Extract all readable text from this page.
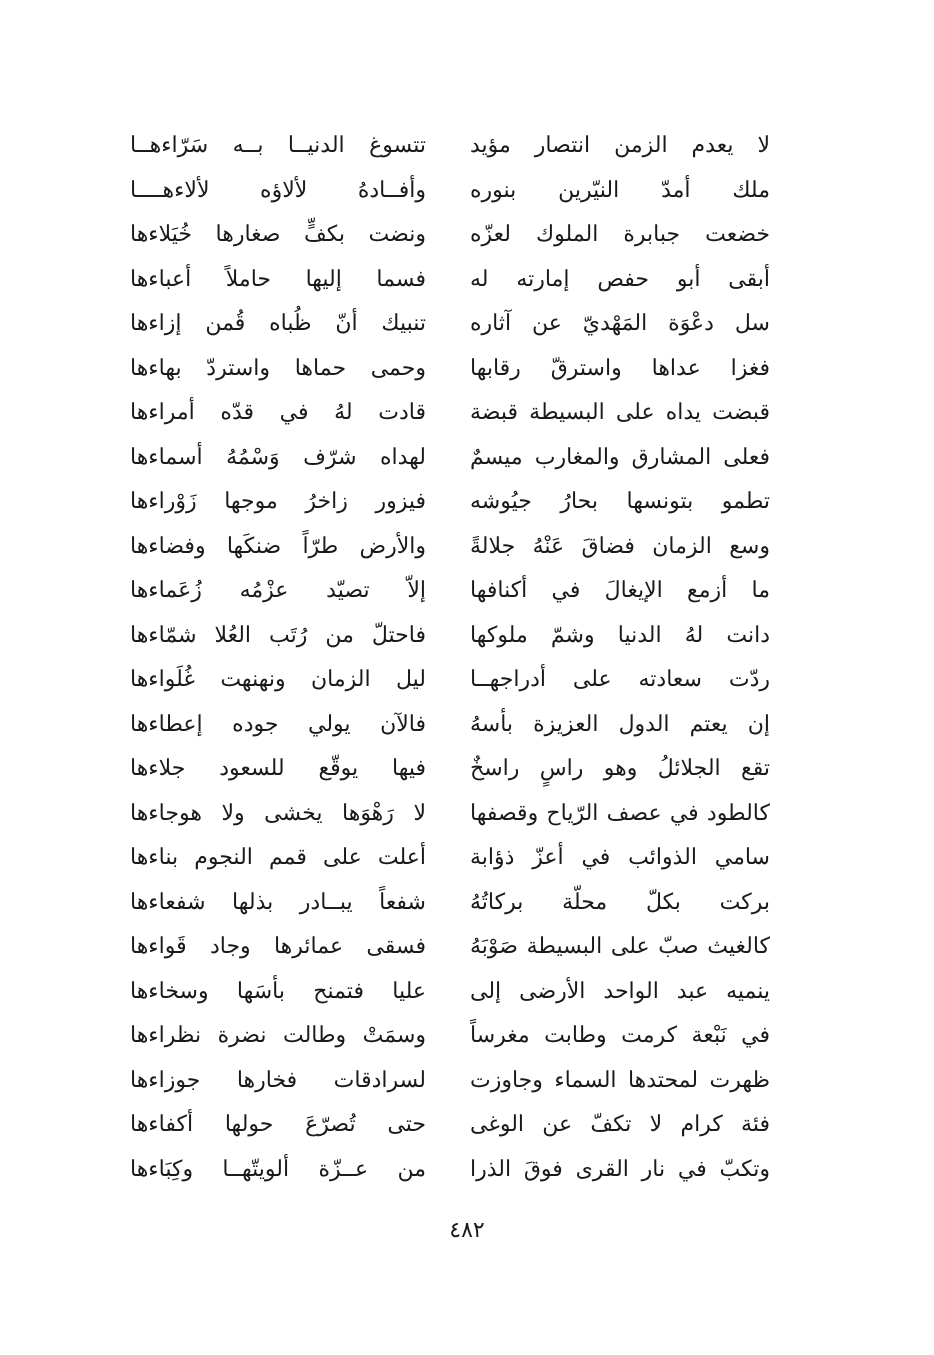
لا يعدم الزمن انتصار مؤيد
ملك أمدّ النيّرين بنوره
خضعت جبابرة الملوك لعزّه
أبقى أبو حفص إمارته له
سل دعْوَة المَهْديّ عن آثاره
فغزا عداها واسترقّ رقابها
قبضت يداه على البسيطة قبضة
فعلى المشارق والمغارب ميسمٌ
تطمو بتونسها بحارُ جيُوشه
وسع الزمان فضاقَ عَنْهُ جلالةً
ما أزمع الإيغالَ في أكنافها
دانت لهُ الدنيا وشمّ ملوكها
ردّت سعادته على أدراجهــا
إن يعتم الدول العزيزة بأسهُ
تقع الجلائلُ وهو راسٍ راسخٌ
كالطود في عصف الرّياح وقصفها
سامي الذوائب في أعزّ ذؤابة
بركت بكلّ محلّة بركاتُهُ
كالغيث صبّ على البسيطة صَوْبَهُ
ينميه عبد الواحد الأرضى إلى
في نَبْعة كرمت وطابت مغرساً
ظهرت لمحتدها السماء وجاوزت
فئة كرام لا تكفّ عن الوغى
وتكبّ في نار القرى فوقَ الذرا
تتسوغ الدنيــا بــه سَرّاءهــا
وأفــادهُ لألاؤه لألاءهــــا
ونضت بكفٍّ صغارها خُيَلاءها
فسما إليها حاملاً أعباءها
تنبيك أنّ ظُباه قُمن إزاءها
وحمى حماها واستردّ بهاءها
قادت لهُ في قدّه أمراءها
لهداه شرّف وَسْمُهُ أسماءها
فيزور زاخرُ موجها زَوْراءها
والأرض طرّاً ضنكَها وفضاءها
إلاّ تصيّد عزْمُه زُعَماءها
فاحتلّ من رُتَب العُلا شمّاءها
ليل الزمان ونهنهت غُلَواءها
فالآن يولي جوده إعطاءها
فيها يوقّع للسعود جلاءها
لا رَهْوَها يخشى ولا هوجاءها
أعلت على قمم النجوم بناءها
شفعاً يبــادر بذلها شفعاءها
فسقى عمائرها وجاد قَواءها
عليا فتمنح بأسَها وسخاءها
وسمَتْ وطالت نضرة نظراءها
لسرادقات فخارها جوزاءها
حتى تُصرّعَ حولها أكفاءها
من عــزّة ألويتّهــا وكِبَاءها
٤٨٢
